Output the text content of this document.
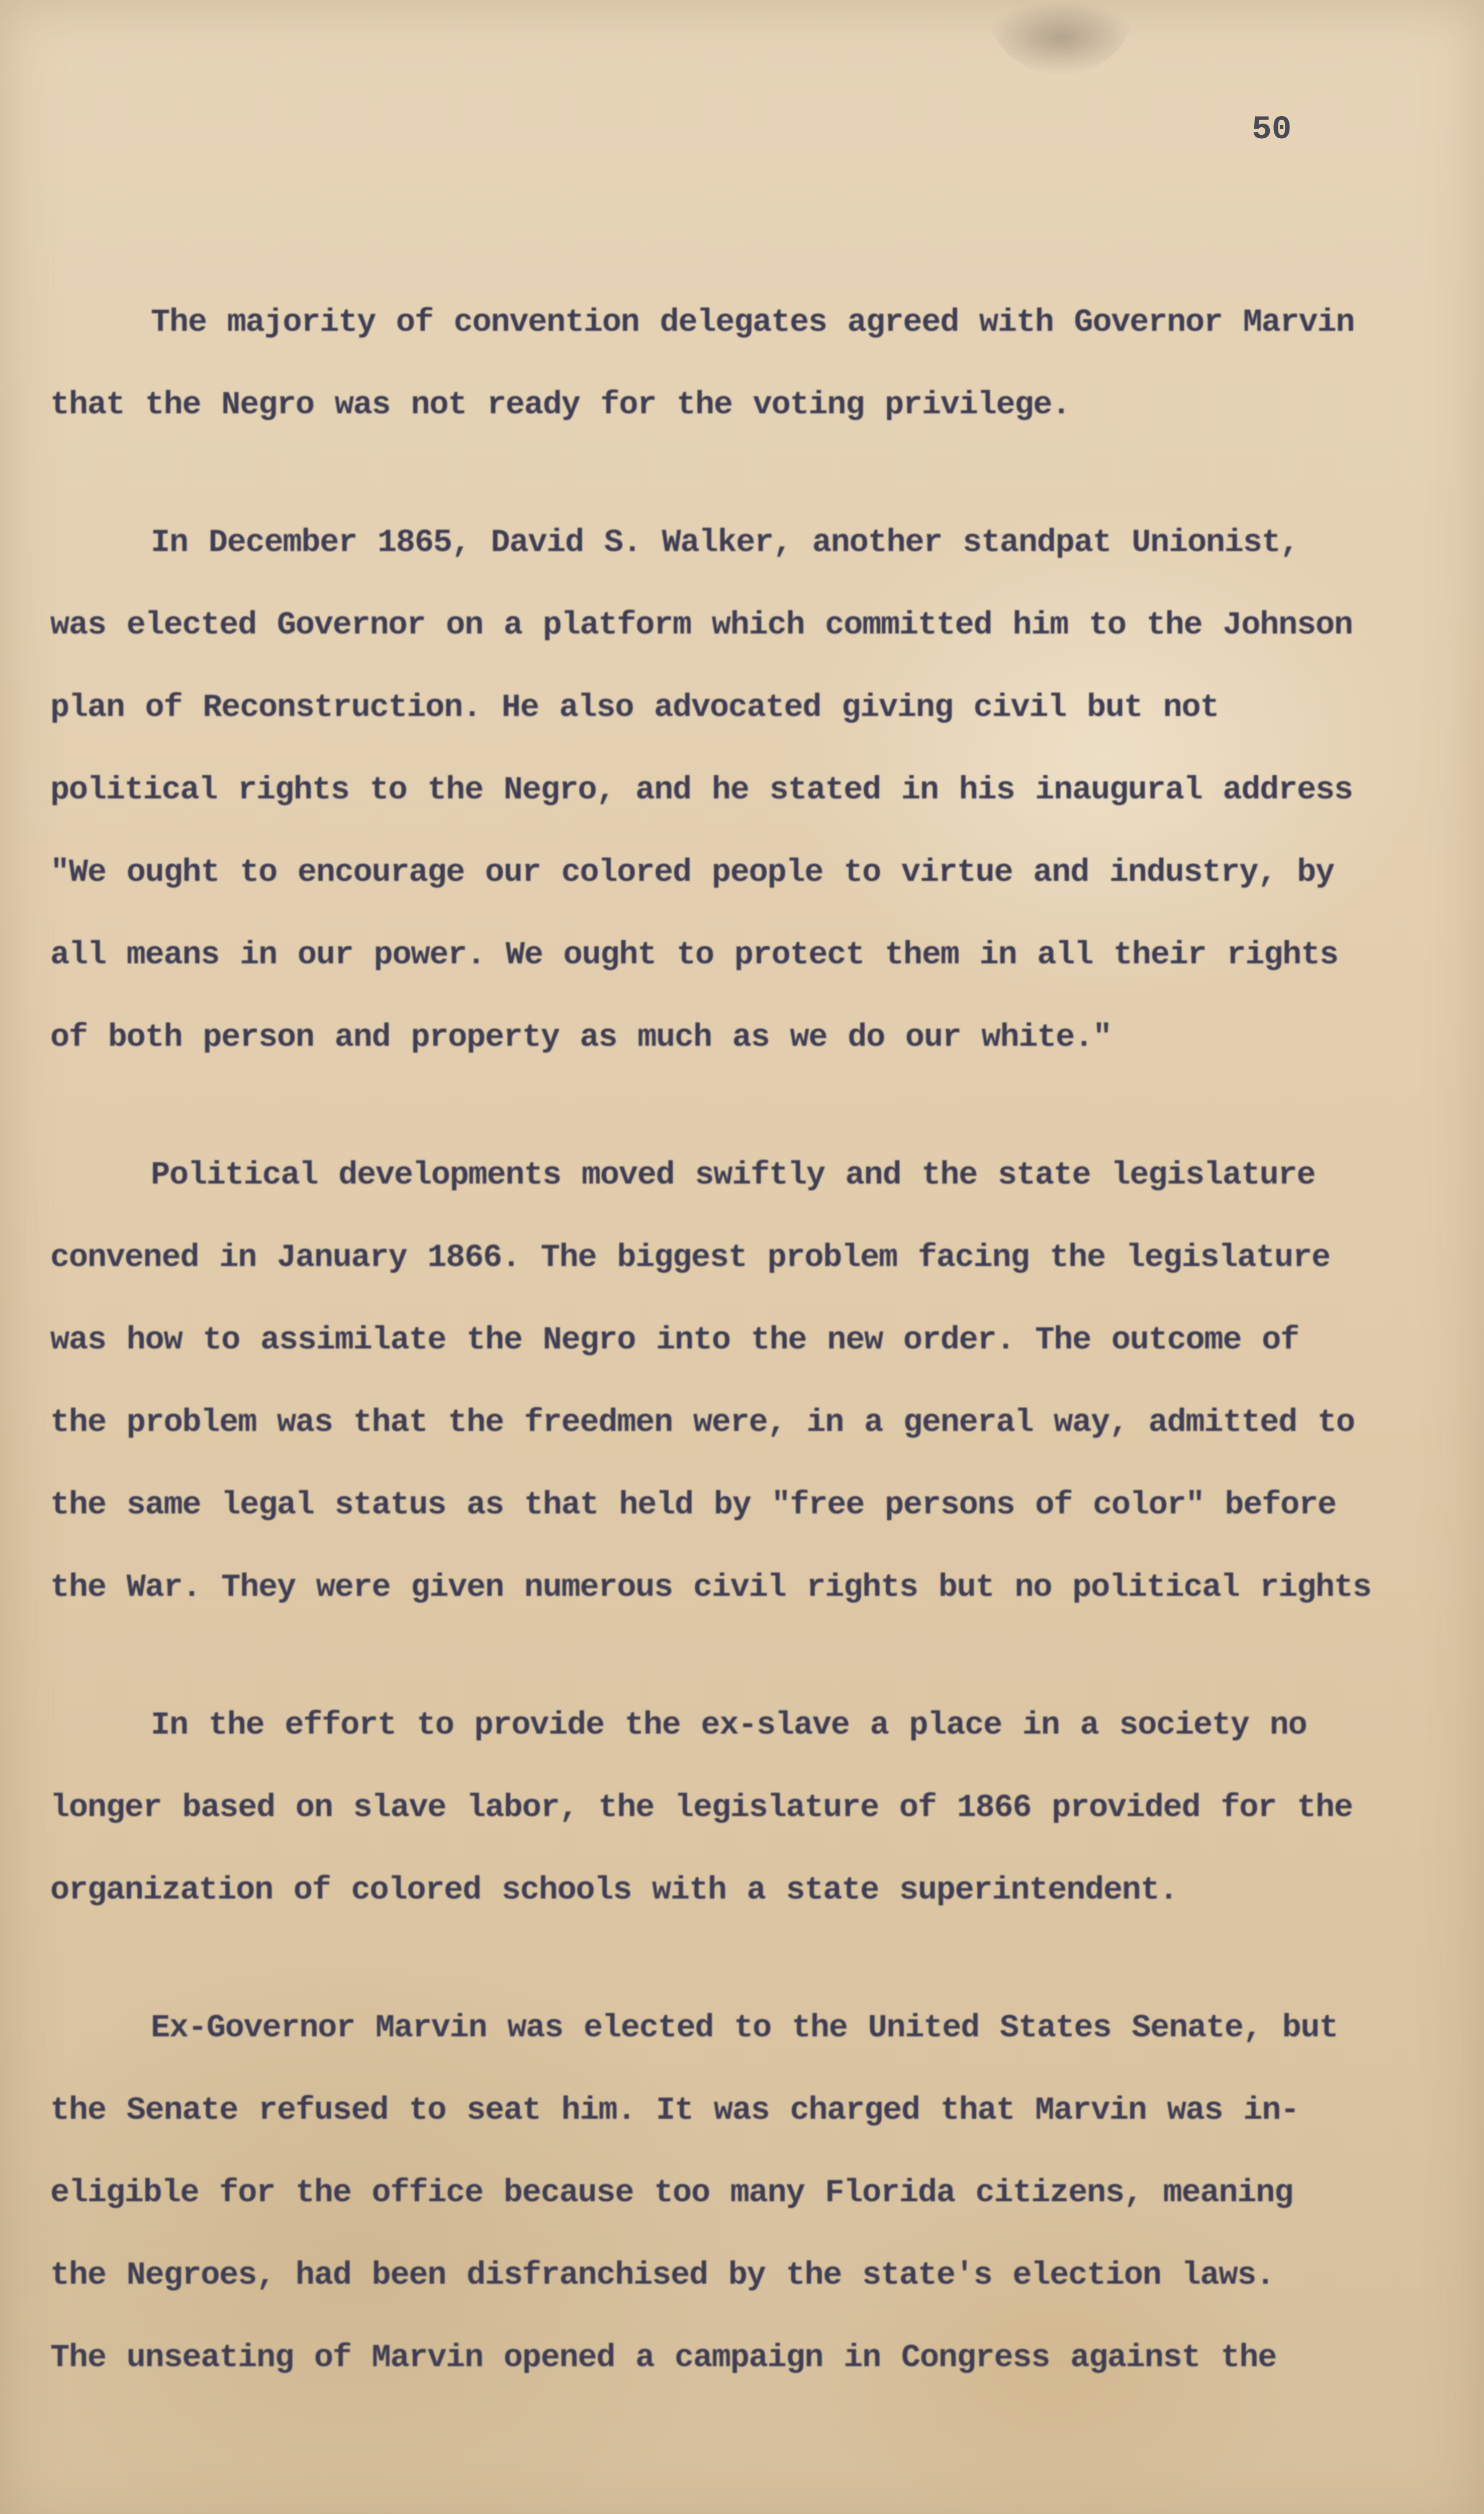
50

The majority of convention delegates agreed with Governor Marvin
that the Negro was not ready for the voting privilege.

In December 1865, David S. Walker, another standpat Unionist,
was elected Governor on a platform which committed him to the Johnson
plan of Reconstruction. He also advocated giving civil but not
political rights to the Negro, and he stated in his inaugural address
"We ought to encourage our colored people to virtue and industry, by
all means in our power. We ought to protect them in all their rights
of both person and property as much as we do our white."

Political developments moved swiftly and the state legislature
convened in January 1866. The biggest problem facing the legislature
was how to assimilate the Negro into the new order. The outcome of
the problem was that the freedmen were, in a general way, admitted to
the same legal status as that held by "free persons of color" before
the War. They were given numerous civil rights but no political rights

In the effort to provide the ex-slave a place in a society no
longer based on slave labor, the legislature of 1866 provided for the
organization of colored schools with a state superintendent.

Ex-Governor Marvin was elected to the United States Senate, but
the Senate refused to seat him. It was charged that Marvin was in-
eligible for the office because too many Florida citizens, meaning
the Negroes, had been disfranchised by the state's election laws.
The unseating of Marvin opened a campaign in Congress against the
